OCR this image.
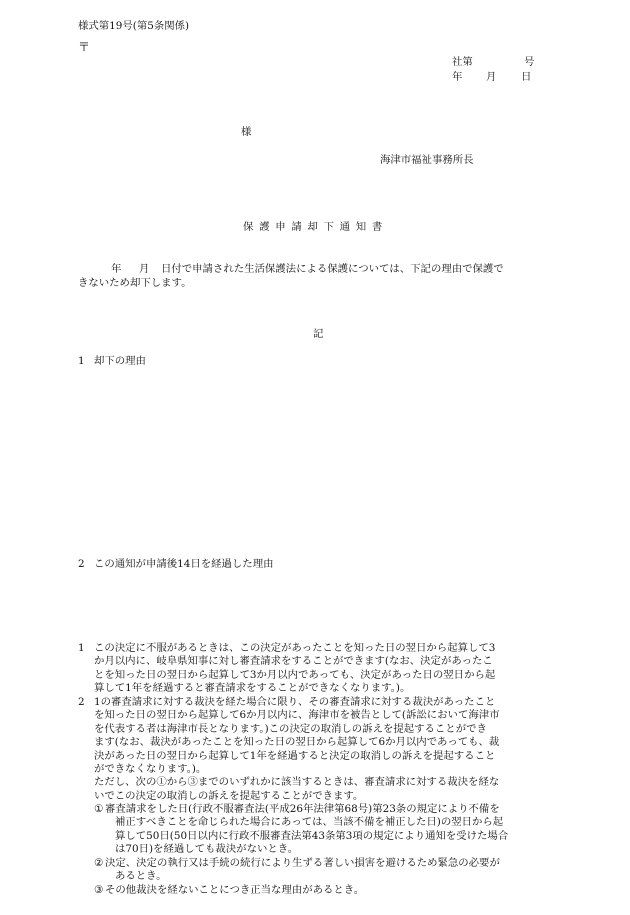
様式第19号(第5条関係)
〒
社第	号
年 月 日
様
海津市福祉事務所長
保護申請却下通知書
年 月 日付で申請された生活保護法による保護については、下記の理由で保護で
きないため却下します。
記
1 却下の理由
2 この通知が申請後14日を経過した理由
1 この決定に不服があるときは、この決定があったことを知った日の翌日から起算して3
か月以内に、岐阜県知事に対し審査請求をすることができます(なお、決定があったこ
とを知った日の翌日から起算して3か月以内であっても、決定があった日の翌日から起
算して1年を経過すると審査請求をすることができなくなります。)。
2 1の審査請求に対する裁決を経た場合に限り、その審査請求に対する裁決があったこと
を知った日の翌日から起算して6か月以内に、海津市を被告として(訴訟において海津市
を代表する者は海津市長となります。)この決定の取消しの訴えを提起することができ
ます(なお、裁決があったことを知った日の翌日から起算して6か月以内であっても、裁
決があった日の翌日から起算して1年を経過すると決定の取消しの訴えを提起すること
ができなくなります。)。
ただし、次の①から③までのいずれかに該当するときは、審査請求に対する裁決を経な
いでこの決定の取消しの訴えを提起することができます。
① 審査請求をした日(行政不服審査法(平成26年法律第68号)第23条の規定により不備を
補正すべきことを命じられた場合にあっては、当該不備を補正した日)の翌日から起
算して50日(50日以内に行政不服審査法第43条第3項の規定により通知を受けた場合
は70日)を経過しても裁決がないとき。
② 決定、決定の執行又は手続の続行により生ずる著しい損害を避けるため緊急の必要が
あるとき。
③ その他裁決を経ないことにつき正当な理由があるとき。
